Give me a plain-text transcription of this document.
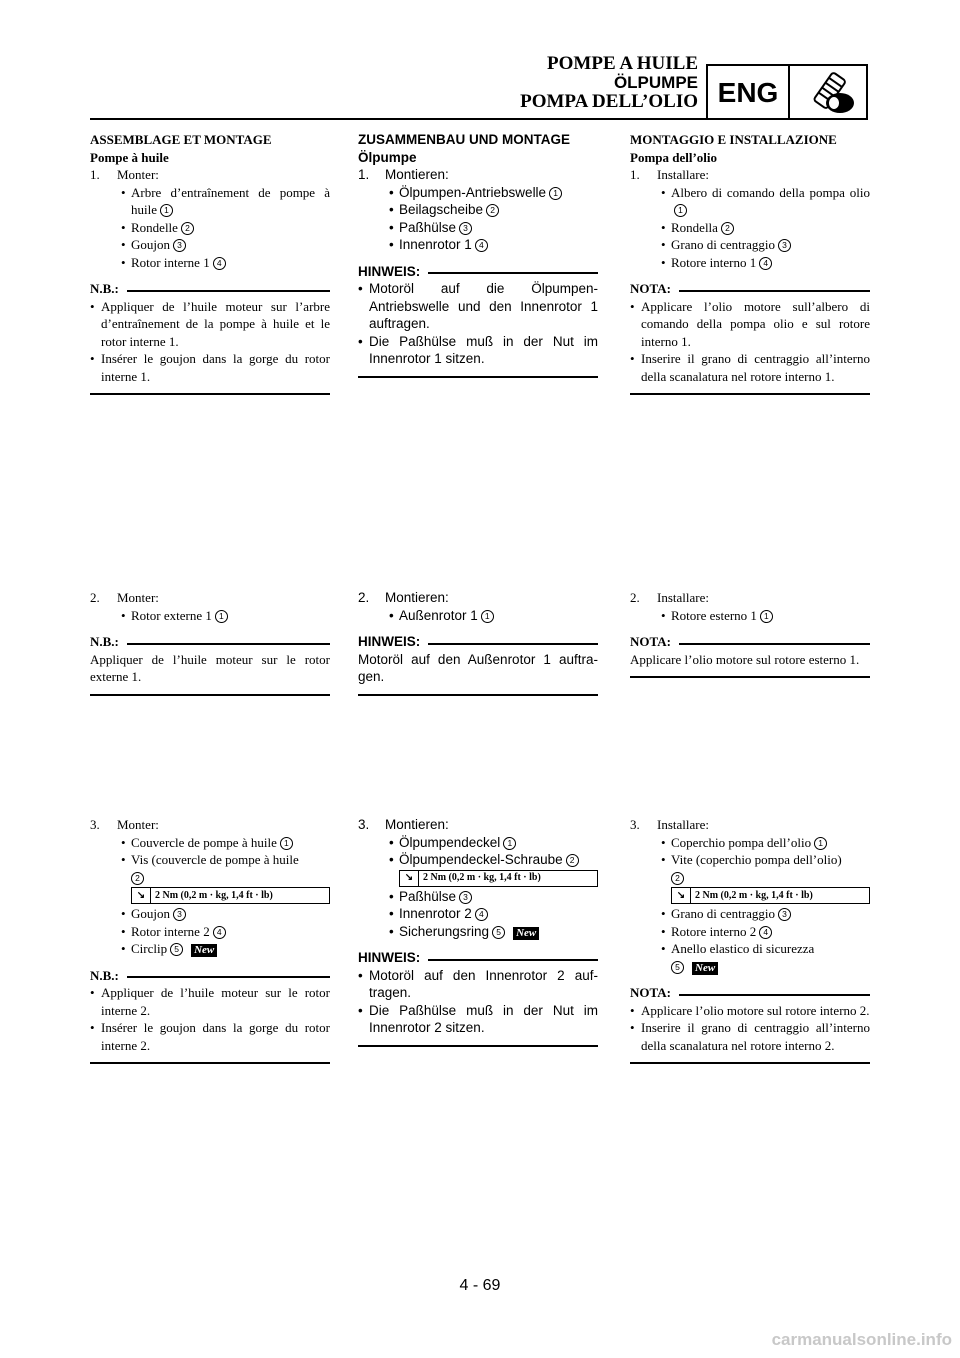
POMPE A HUILE
ÖLPUMPE
POMPA DELL’OLIO ENG
ASSEMBLAGE ET MONTAGE
Pompe à huile
1. Monter:
• Arbre d’entraînement de pompe à huile 1
• Rondelle 2
• Goujon 3
• Rotor interne 1 4
N.B.:
• Appliquer de l’huile moteur sur l’arbre d’entraînement de la pompe à huile et le rotor interne 1.
• Insérer le goujon dans la gorge du rotor interne 1.
ZUSAMMENBAU UND MONTAGE
Ölpumpe
1. Montieren:
• Ölpumpen-Antriebswelle 1
• Beilagscheibe 2
• Paßhülse 3
• Innenrotor 1 4
HINWEIS:
• Motoröl auf die Ölpumpen-Antriebswelle und den Innenrotor 1 auftragen.
• Die Paßhülse muß in der Nut im Innenrotor 1 sitzen.
MONTAGGIO E INSTALLAZIONE
Pompa dell’olio
1. Installare:
• Albero di comando della pompa olio1
• Rondella 2
• Grano di centraggio 3
• Rotore interno 1 4
NOTA:
• Applicare l’olio motore sull’albero di comando della pompa olio e sul rotore interno 1.
• Inserire il grano di centraggio all’interno della scanalatura nel rotore interno 1.
2. Monter:
• Rotor externe 1 1
N.B.:
Appliquer de l’huile moteur sur le rotor externe 1.
2. Montieren:
• Außenrotor 1 1
HINWEIS:
Motoröl auf den Außenrotor 1 auftra-gen.
2. Installare:
• Rotore esterno 1 1
NOTA:
Applicare l’olio motore sul rotore esterno 1.
3. Monter:
• Couvercle de pompe à huile 1
• Vis (couvercle de pompe à huile
2
↘ 2 Nm (0,2 m · kg, 1,4 ft · lb)
• Goujon 3
• Rotor interne 2 4
• Circlip 5 New
N.B.:
• Appliquer de l’huile moteur sur le rotor interne 2.
• Insérer le goujon dans la gorge du rotor interne 2.
3. Montieren:
• Ölpumpendeckel 1
• Ölpumpendeckel-Schraube 2
↘ 2 Nm (0,2 m · kg, 1,4 ft · lb)
• Paßhülse 3
• Innenrotor 2 4
• Sicherungsring 5 New
HINWEIS:
• Motoröl auf den Innenrotor 2 auf-tragen.
• Die Paßhülse muß in der Nut im Innenrotor 2 sitzen.
3. Installare:
• Coperchio pompa dell’olio 1
• Vite (coperchio pompa dell’olio)
2
↘ 2 Nm (0,2 m · kg, 1,4 ft · lb)
• Grano di centraggio 3
• Rotore interno 2 4
• Anello elastico di sicurezza
5 New
NOTA:
• Applicare l’olio motore sul rotore interno 2.
• Inserire il grano di centraggio all’interno della scanalatura nel rotore interno 2.
4 - 69
carmanualsonline.info
